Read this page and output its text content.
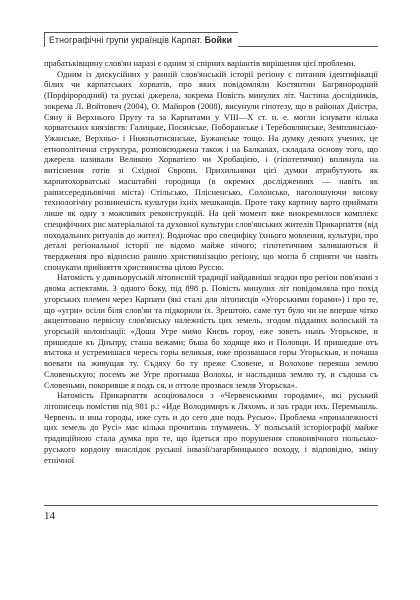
Етнографічні групи українців Карпат. Бойки

прабатьківщину слов'ян наразі є одним зі спірних варіантів вирішення цієї проблеми.

Одним із дискусійних у ранній слов'янській історії регіону є питання ідентифікації білих чи карпатських хорватів, про яких повідомляли Костянтин Багрянородний (Порфірородний) та руські джерела, зокрема Повість минулих літ. Частина дослідників, зокрема Л. Войтович (2004), О. Майоров (2008), висунули гіпотезу, що в районах Дністра, Сяну й Верхнього Пруту та за Карпатами у VIII—X ст. н. е. могли існувати кілька хорватських князівств: Галицьке, Посянське, Поборанське і Теребовлянське, Земплинсько-Ужанське, Верхньо- і Нижньотисянське, Бужанське тощо. На думку деяких учених, це етнополітична структура, розповсюджена також і на Балканах, складала основу того, що джерела називали Великою Хорватією чи Хробацією, і (гіпотетично) вплинула на витіснення готів зі Східної Європи. Прихильники цієї думки атрибутують як карпатохорватські масштабні городища (в окремих дослідженнях — навіть як раннєсередньовічні міста) Стільсько, Плісненсько, Солонсько, наголошуючи високу технологічну розвиненість культури їхніх мешканців. Проте таку картину варто приймати лише як одну з можливих реконструкцій. На цей момент вже виокремилося комплекс специфічних рис матеріальної та духовної культури слов'янських жителів Прикарпаття (від походальних ритуалів до жител). Водночас про специфіку їхнього мовлення, культури, про деталі регіональної історії не відомо майже нічого; гіпотетичним залишаються й твердження про відносно ранню християнізацію регіону, що могла б сприяти чи навіть спонукати прийняття християнства цілою Руссю.

Натомість у давньоруській літописній традиції найдавніші згадки про регіон пов'язані з двома аспектами. З одного боку, під 898 р. Повість минулих літ повідомляла про похід угорських племен через Карпати (які сталі для літописців «Угорськими горами») і про те, що «угри» осіли біля слов'ян та підкорили їх. Зрештою, саме тут було чи не вперше чітко акцентовано первісну слов'янську належність цих земель, згодом підданих волоській та угорській колонізації: «Дошa Угре мимо Києвъ гороу, еже зоветь нынъ Угорьское, и пришедше къ Днъпру, сташа вежами; бъша бо ходяще яко и Половци. И пришедше отъ въстока и устремишася чересъ горы великыя, иже прозвашася горы Угорьскыя, и почаша воевати на живущая ту. Съдяху бо ту преже Словене, и Волохове переяша землю Словеньскую; посемъ же Угре прогнаша Волохы, и наслъдиша землю ту, и съдоша съ Словеньми, покоривше я подъ ся, и оттоле прозвася земля Угорьска».

Натомість Прикарпаття асоціювалося з «Червенськими городами», які руський літописець помістив під 981 р.: «Иде Володимиръ к Ляхомъ. и заъ гради ихъ. Перемышль. Червенъ. и ины городы, иже суть и до сего дне подъ Русью». Проблема «приналежності цих земель до Русі» має кілька прочитань тлумачень. У польській історіографії майже традиційною стала думка про те, що йдеться про порушення споконвічного польсько-руського кордону внаслідок руської інвазії/загарбницького походу, і відповідно, зміну етнічної

14
